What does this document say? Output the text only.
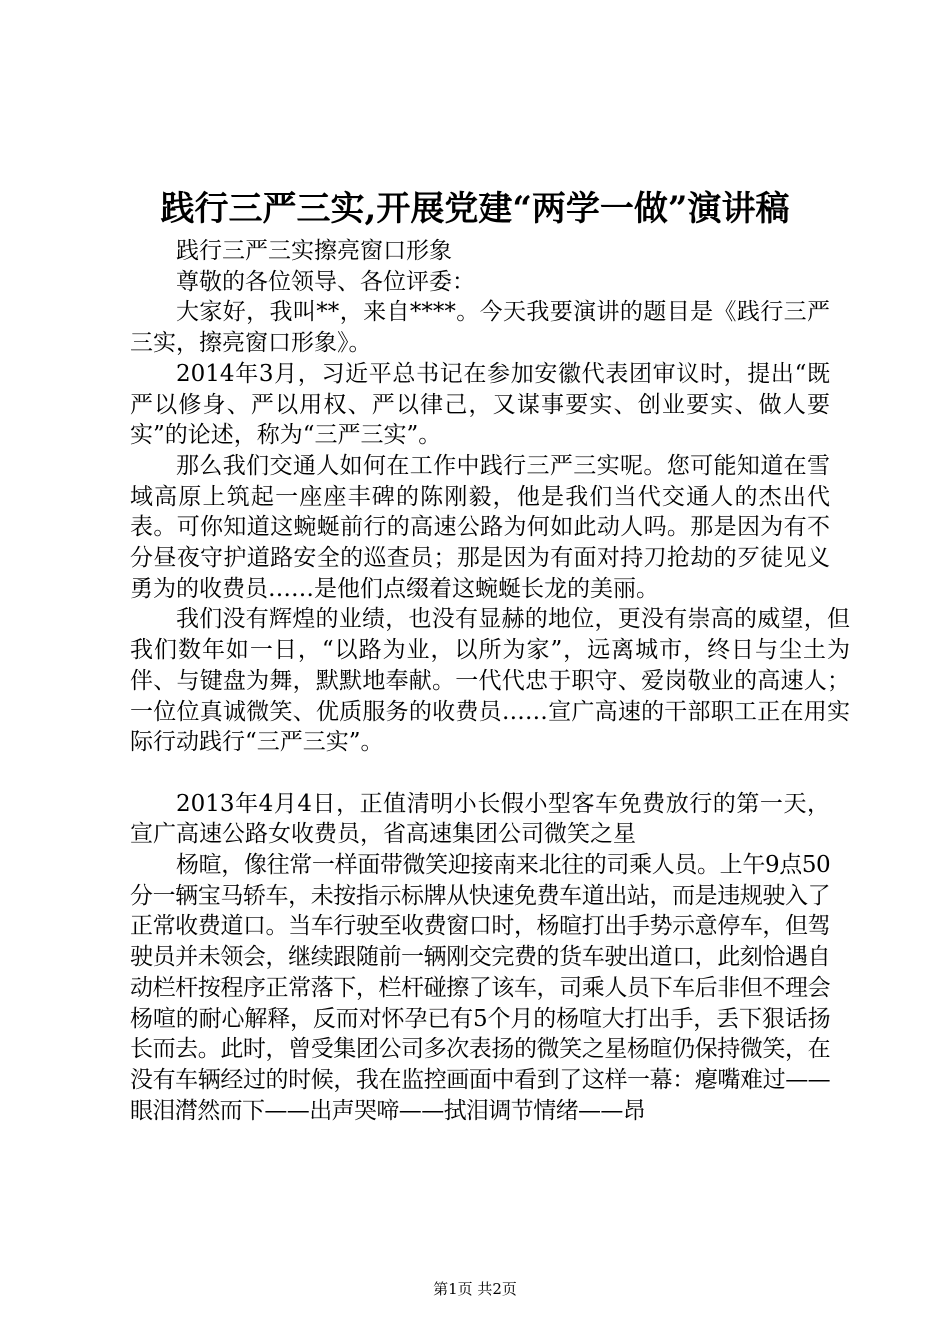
践行三严三实,开展党建“两学一做”演讲稿

践行三严三实擦亮窗口形象

尊敬的各位领导、各位评委：

大家好，我叫**，来自****。今天我要演讲的题目是《践行三严三实，擦亮窗口形象》。

2014年3月，习近平总书记在参加安徽代表团审议时，提出“既严以修身、严以用权、严以律己，又谋事要实、创业要实、做人要实”的论述，称为“三严三实”。

那么我们交通人如何在工作中践行三严三实呢。您可能知道在雪域高原上筑起一座座丰碑的陈刚毅，他是我们当代交通人的杰出代表。可你知道这蜿蜒前行的高速公路为何如此动人吗。那是因为有不分昼夜守护道路安全的巡查员；那是因为有面对持刀抢劫的歹徒见义勇为的收费员……是他们点缀着这蜿蜒长龙的美丽。

我们没有辉煌的业绩，也没有显赫的地位，更没有崇高的威望，但我们数年如一日，“以路为业，以所为家”，远离城市，终日与尘土为伴、与键盘为舞，默默地奉献。一代代忠于职守、爱岗敬业的高速人；一位位真诚微笑、优质服务的收费员……宣广高速的干部职工正在用实际行动践行“三严三实”。

2013年4月4日，正值清明小长假小型客车免费放行的第一天，宣广高速公路女收费员，省高速集团公司微笑之星

杨暄，像往常一样面带微笑迎接南来北往的司乘人员。上午9点50分一辆宝马轿车，未按指示标牌从快速免费车道出站，而是违规驶入了正常收费道口。当车行驶至收费窗口时，杨暄打出手势示意停车，但驾驶员并未领会，继续跟随前一辆刚交完费的货车驶出道口，此刻恰遇自动栏杆按程序正常落下，栏杆碰擦了该车，司乘人员下车后非但不理会杨喧的耐心解释，反而对怀孕已有5个月的杨喧大打出手，丢下狠话扬长而去。此时，曾受集团公司多次表扬的微笑之星杨暄仍保持微笑，在没有车辆经过的时候，我在监控画面中看到了这样一幕：瘪嘴难过——眼泪潸然而下——出声哭啼——拭泪调节情绪——昂

第1页 共2页
